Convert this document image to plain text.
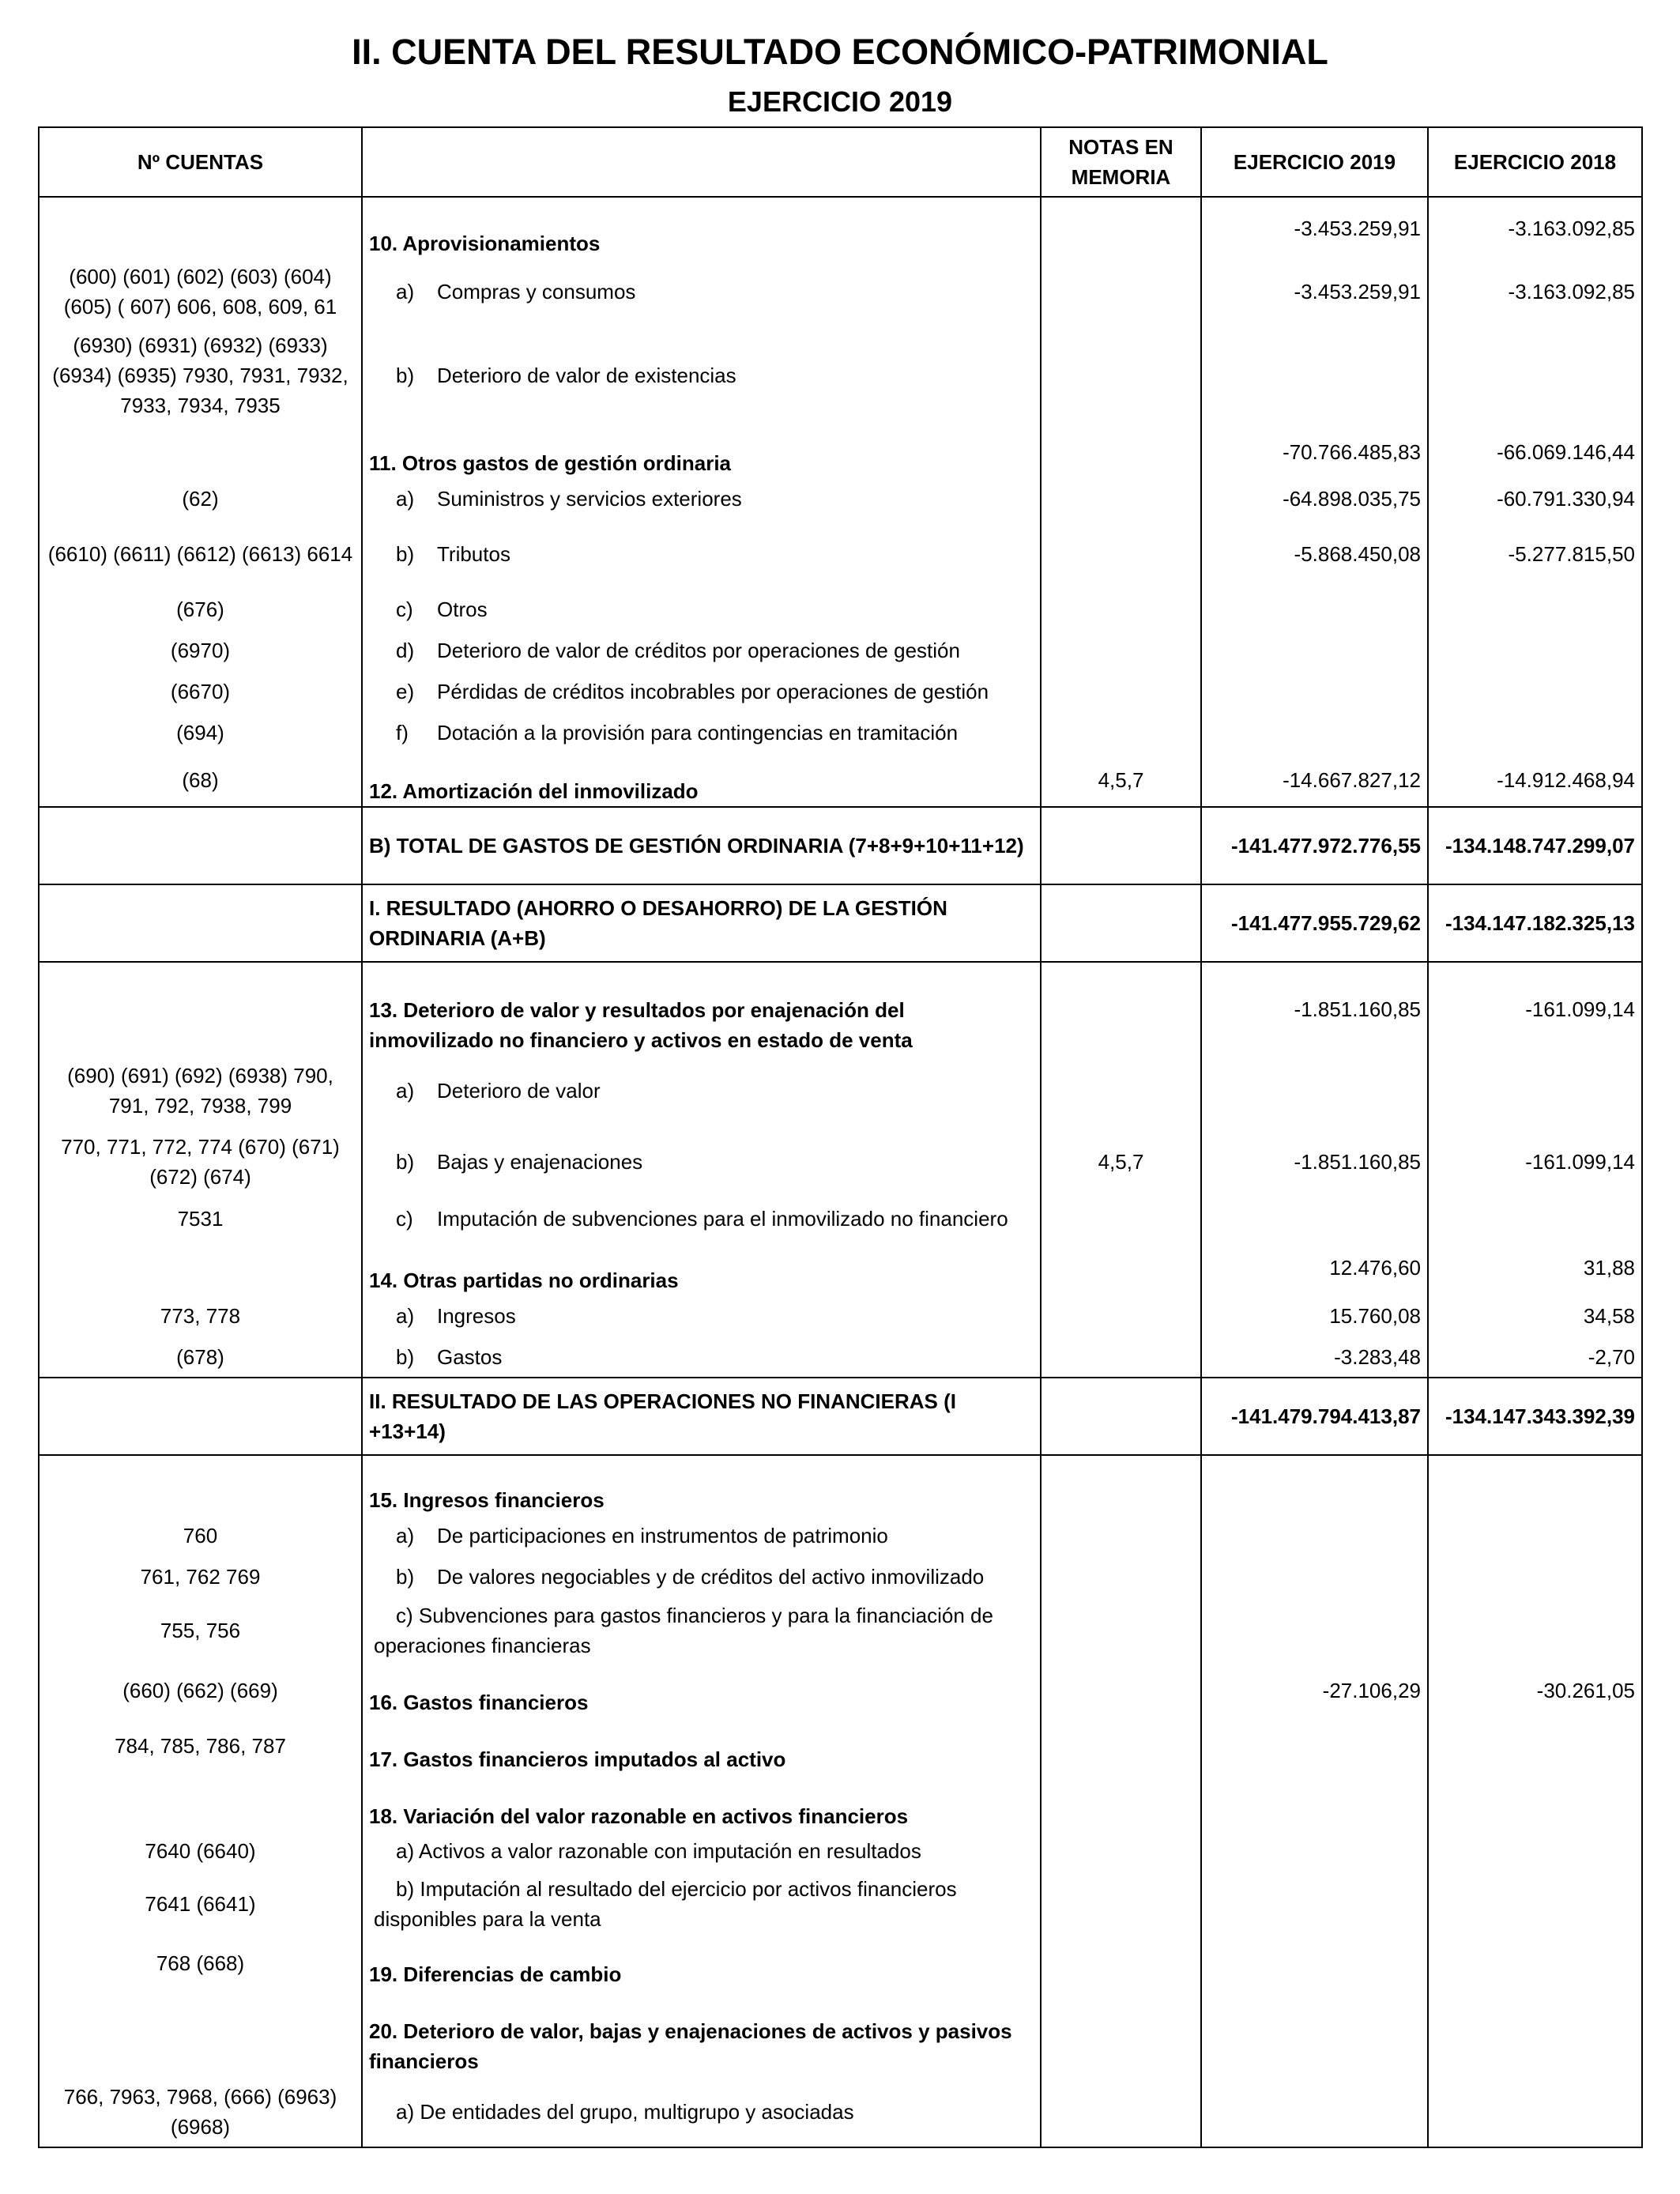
II. CUENTA DEL RESULTADO ECONÓMICO-PATRIMONIAL
EJERCICIO 2019
Nº CUENTAS		NOTAS EN MEMORIA	EJERCICIO 2019	EJERCICIO 2018
	10. Aprovisionamientos		-3.453.259,91	-3.163.092,85
(600) (601) (602) (603) (604) (605) ( 607) 606, 608, 609, 61	a) Compras y consumos		-3.453.259,91	-3.163.092,85
(6930) (6931) (6932) (6933) (6934) (6935) 7930, 7931, 7932, 7933, 7934, 7935	b) Deterioro de valor de existencias			
	11. Otros gastos de gestión ordinaria		-70.766.485,83	-66.069.146,44
(62)	a) Suministros y servicios exteriores		-64.898.035,75	-60.791.330,94
(6610) (6611) (6612) (6613) 6614	b) Tributos		-5.868.450,08	-5.277.815,50
(676)	c) Otros			
(6970)	d) Deterioro de valor de créditos por operaciones de gestión			
(6670)	e) Pérdidas de créditos incobrables por operaciones de gestión			
(694)	f) Dotación a la provisión para contingencias en tramitación			
(68)	12. Amortización del inmovilizado	4,5,7	-14.667.827,12	-14.912.468,94
	B) TOTAL DE GASTOS DE GESTIÓN ORDINARIA (7+8+9+10+11+12)		-141.477.972.776,55	-134.148.747.299,07
	I. RESULTADO (AHORRO O DESAHORRO) DE LA GESTIÓN ORDINARIA (A+B)		-141.477.955.729,62	-134.147.182.325,13
	13. Deterioro de valor y resultados por enajenación del inmovilizado no financiero y activos en estado de venta		-1.851.160,85	-161.099,14
(690) (691) (692) (6938) 790, 791, 792, 7938, 799	a) Deterioro de valor			
770, 771, 772, 774 (670) (671) (672) (674)	b) Bajas y enajenaciones	4,5,7	-1.851.160,85	-161.099,14
7531	c) Imputación de subvenciones para el inmovilizado no financiero			
	14. Otras partidas no ordinarias		12.476,60	31,88
773, 778	a) Ingresos		15.760,08	34,58
(678)	b) Gastos		-3.283,48	-2,70
	II. RESULTADO DE LAS OPERACIONES NO FINANCIERAS (I +13+14)		-141.479.794.413,87	-134.147.343.392,39
	15. Ingresos financieros			
760	a) De participaciones en instrumentos de patrimonio			
761, 762 769	b) De valores negociables y de créditos del activo inmovilizado			
755, 756	c) Subvenciones para gastos financieros y para la financiación de operaciones financieras			
(660) (662) (669)	16. Gastos financieros		-27.106,29	-30.261,05
784, 785, 786, 787	17. Gastos financieros imputados al activo			
	18. Variación del valor razonable en activos financieros			
7640 (6640)	a) Activos a valor razonable con imputación en resultados			
7641 (6641)	b) Imputación al resultado del ejercicio por activos financieros disponibles para la venta			
768 (668)	19. Diferencias de cambio			
	20. Deterioro de valor, bajas y enajenaciones de activos y pasivos financieros			
766, 7963, 7968, (666) (6963) (6968)	a) De entidades del grupo, multigrupo y asociadas			
